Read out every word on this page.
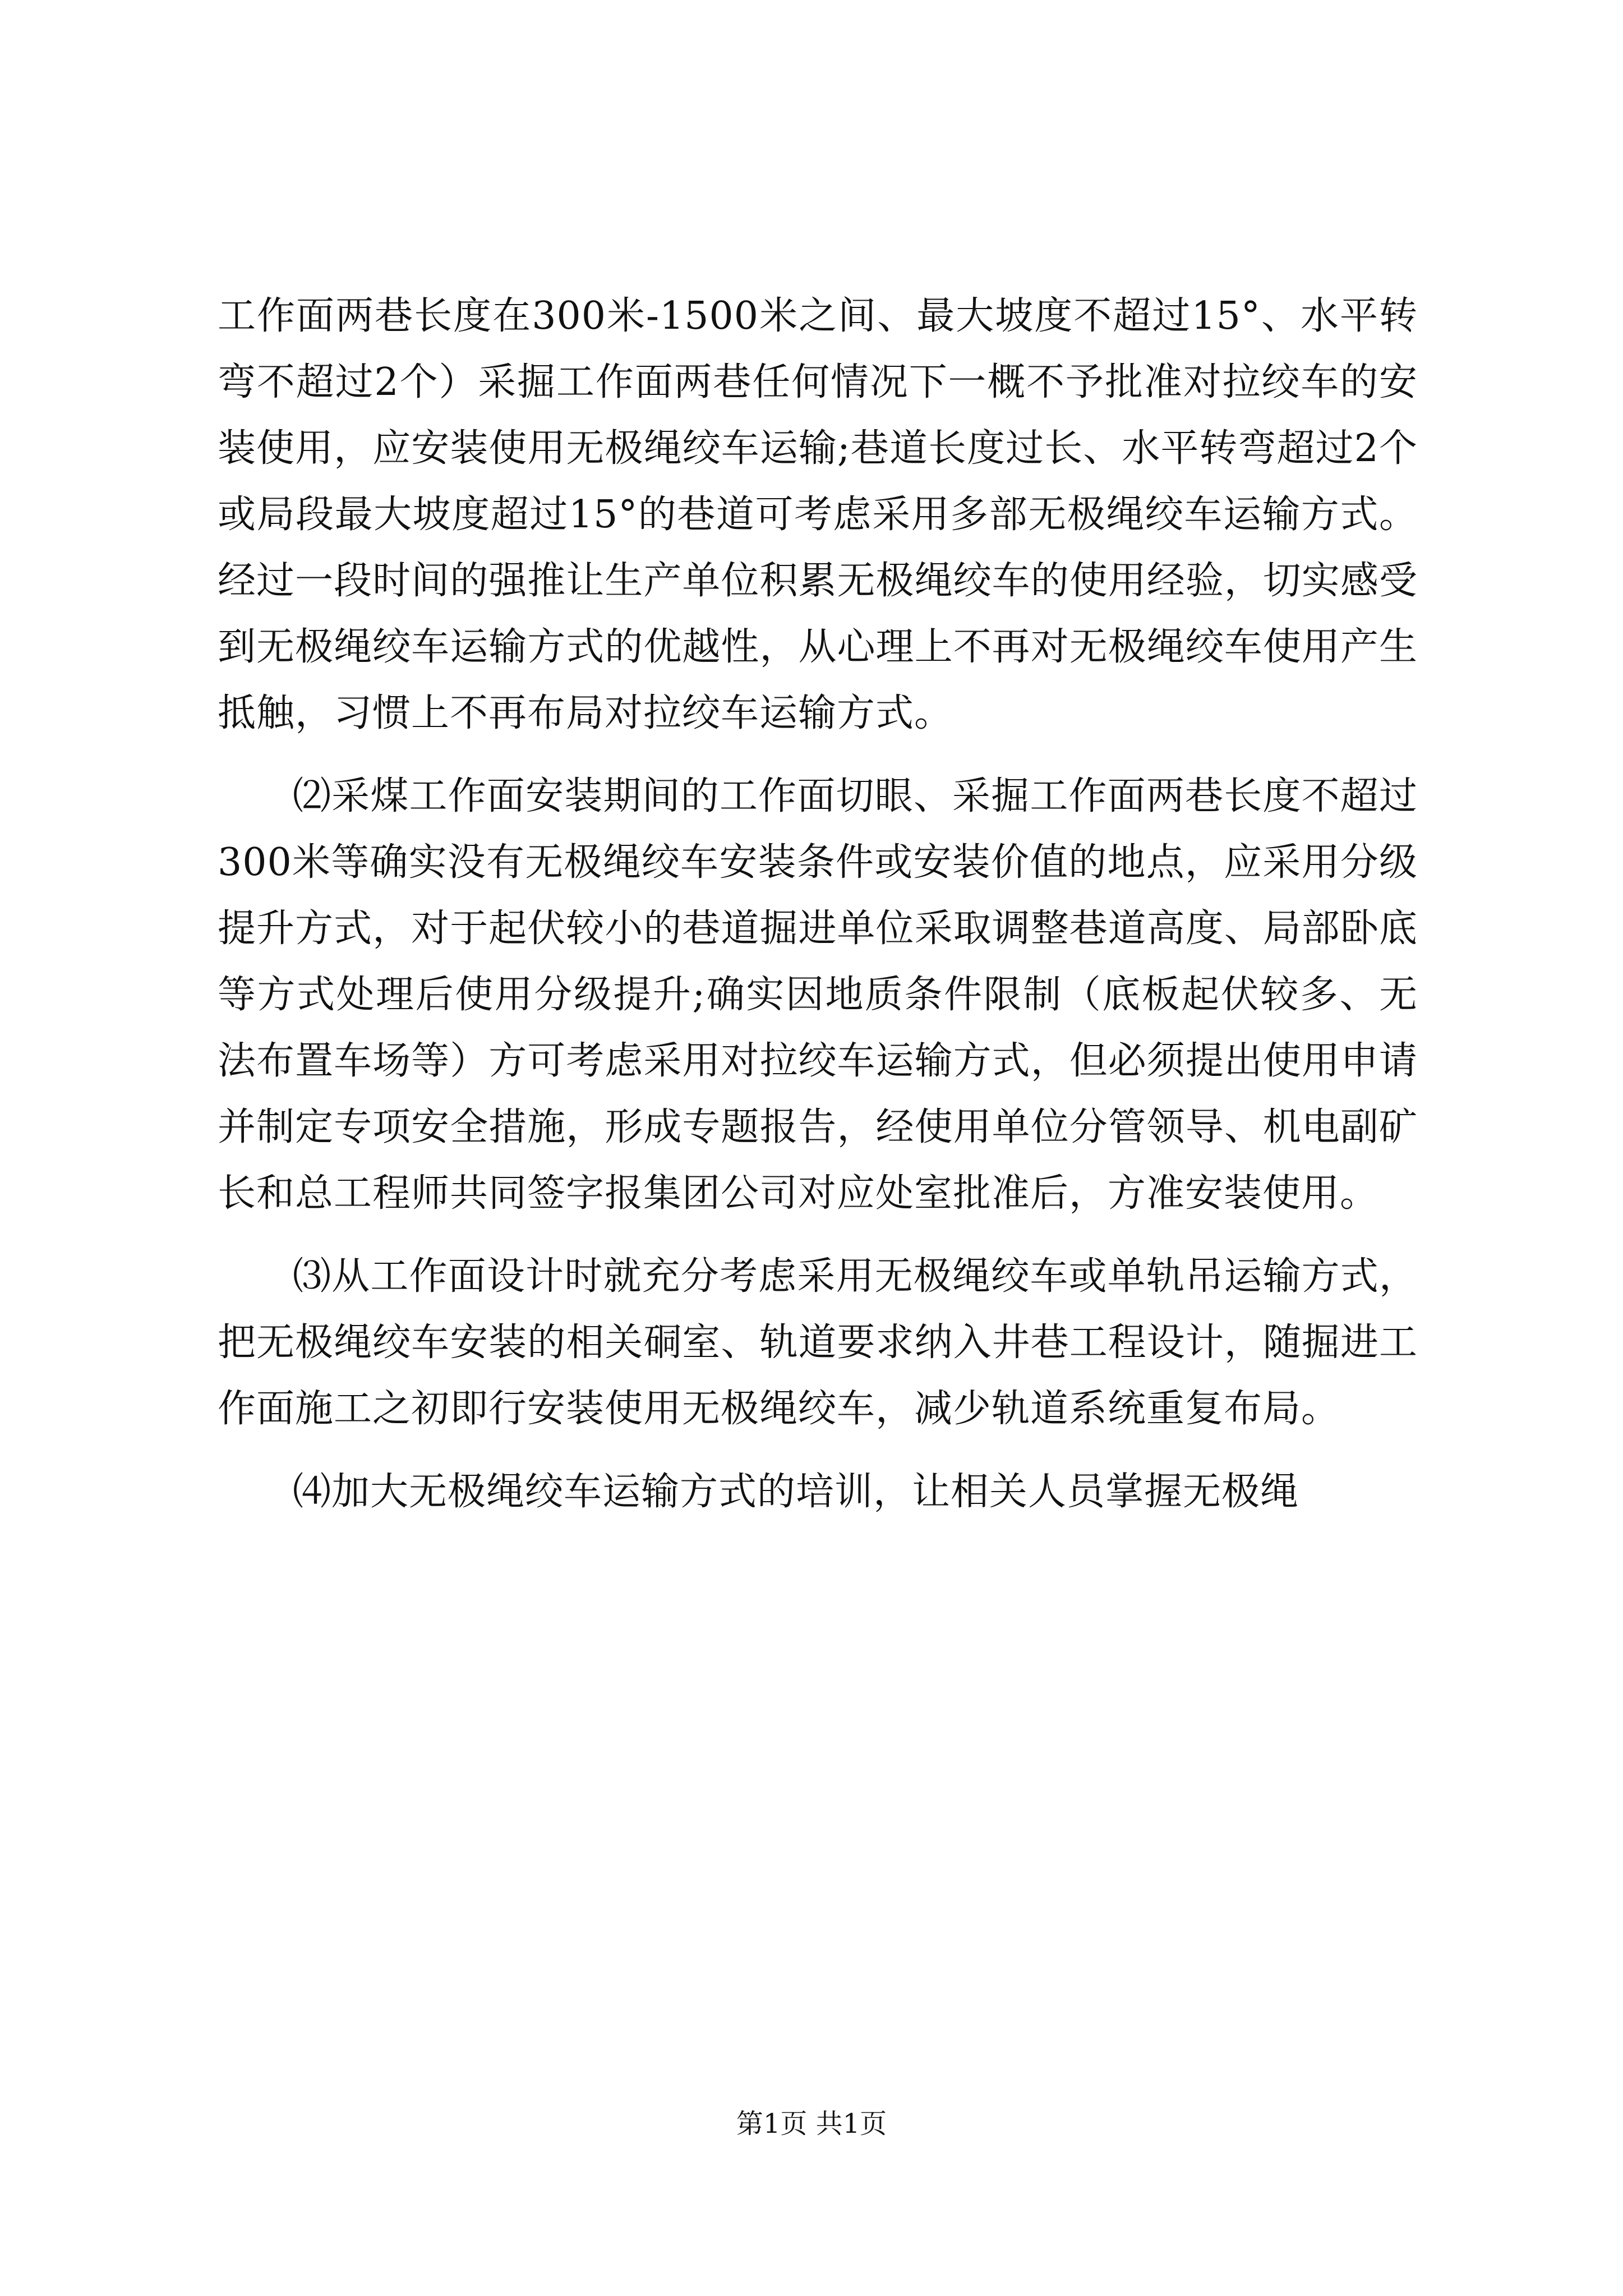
工作面两巷长度在300米-1500米之间、最大坡度不超过15°、水平转弯不超过2个）采掘工作面两巷任何情况下一概不予批准对拉绞车的安装使用，应安装使用无极绳绞车运输;巷道长度过长、水平转弯超过2个或局段最大坡度超过15°的巷道可考虑采用多部无极绳绞车运输方式。经过一段时间的强推让生产单位积累无极绳绞车的使用经验，切实感受到无极绳绞车运输方式的优越性，从心理上不再对无极绳绞车使用产生抵触，习惯上不再布局对拉绞车运输方式。

⑵采煤工作面安装期间的工作面切眼、采掘工作面两巷长度不超过300米等确实没有无极绳绞车安装条件或安装价值的地点，应采用分级提升方式，对于起伏较小的巷道掘进单位采取调整巷道高度、局部卧底等方式处理后使用分级提升;确实因地质条件限制（底板起伏较多、无法布置车场等）方可考虑采用对拉绞车运输方式，但必须提出使用申请并制定专项安全措施，形成专题报告，经使用单位分管领导、机电副矿长和总工程师共同签字报集团公司对应处室批准后，方准安装使用。

⑶从工作面设计时就充分考虑采用无极绳绞车或单轨吊运输方式，把无极绳绞车安装的相关硐室、轨道要求纳入井巷工程设计，随掘进工作面施工之初即行安装使用无极绳绞车，减少轨道系统重复布局。

⑷加大无极绳绞车运输方式的培训，让相关人员掌握无极绳

第1页 共1页
